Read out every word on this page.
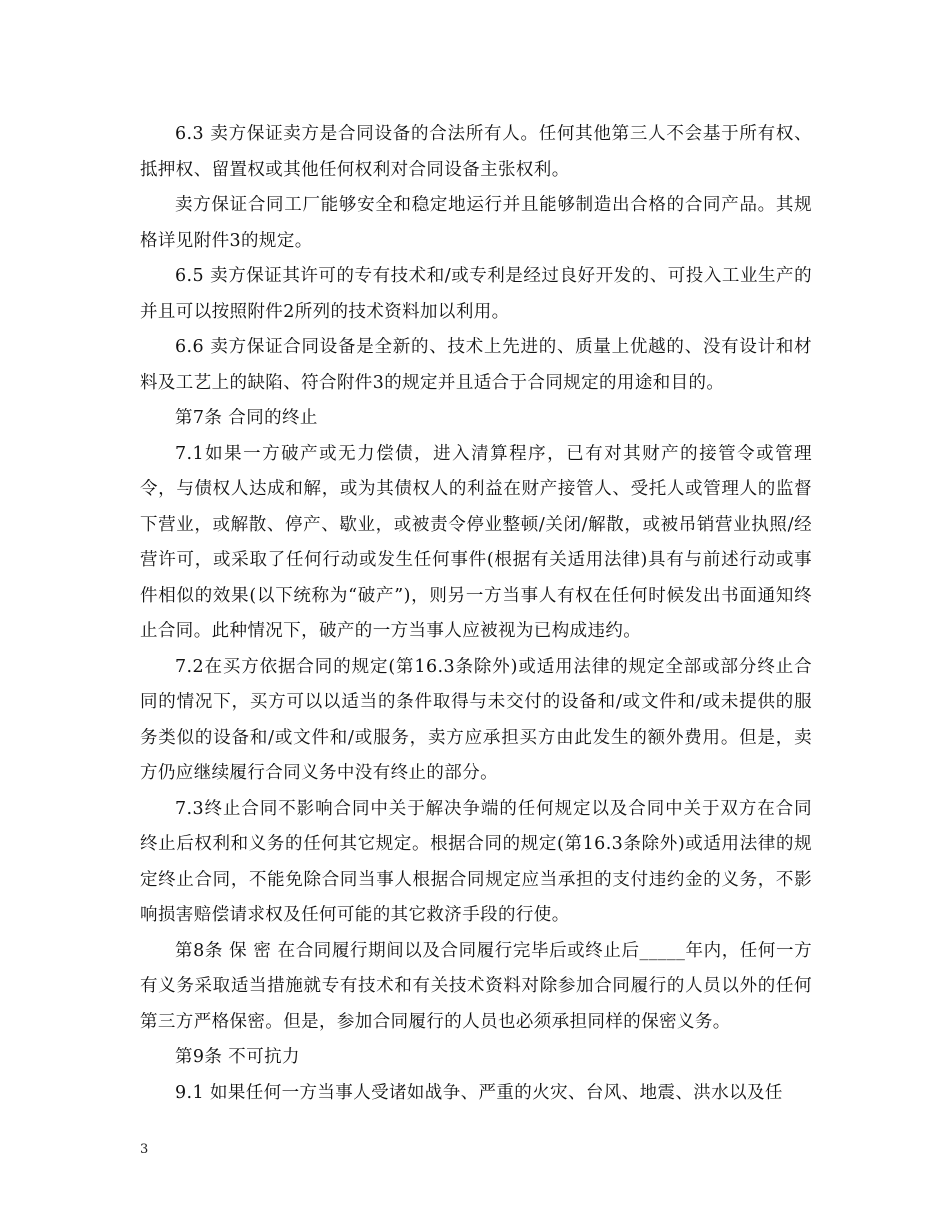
6.3 卖方保证卖方是合同设备的合法所有人。任何其他第三人不会基于所有权、抵押权、留置权或其他任何权利对合同设备主张权利。

卖方保证合同工厂能够安全和稳定地运行并且能够制造出合格的合同产品。其规格详见附件3的规定。

6.5 卖方保证其许可的专有技术和/或专利是经过良好开发的、可投入工业生产的并且可以按照附件2所列的技术资料加以利用。

6.6 卖方保证合同设备是全新的、技术上先进的、质量上优越的、没有设计和材料及工艺上的缺陷、符合附件3的规定并且适合于合同规定的用途和目的。

第7条 合同的终止

7.1如果一方破产或无力偿债，进入清算程序，已有对其财产的接管令或管理令，与债权人达成和解，或为其债权人的利益在财产接管人、受托人或管理人的监督下营业，或解散、停产、歇业，或被责令停业整顿/关闭/解散，或被吊销营业执照/经营许可，或采取了任何行动或发生任何事件(根据有关适用法律)具有与前述行动或事件相似的效果(以下统称为“破产”)，则另一方当事人有权在任何时候发出书面通知终止合同。此种情况下，破产的一方当事人应被视为已构成违约。

7.2在买方依据合同的规定(第16.3条除外)或适用法律的规定全部或部分终止合同的情况下，买方可以以适当的条件取得与未交付的设备和/或文件和/或未提供的服务类似的设备和/或文件和/或服务，卖方应承担买方由此发生的额外费用。但是，卖方仍应继续履行合同义务中没有终止的部分。

7.3终止合同不影响合同中关于解决争端的任何规定以及合同中关于双方在合同终止后权利和义务的任何其它规定。根据合同的规定(第16.3条除外)或适用法律的规定终止合同，不能免除合同当事人根据合同规定应当承担的支付违约金的义务，不影响损害赔偿请求权及任何可能的其它救济手段的行使。

第8条 保 密 在合同履行期间以及合同履行完毕后或终止后_____年内，任何一方有义务采取适当措施就专有技术和有关技术资料对除参加合同履行的人员以外的任何第三方严格保密。但是，参加合同履行的人员也必须承担同样的保密义务。

第9条 不可抗力

9.1 如果任何一方当事人受诸如战争、严重的火灾、台风、地震、洪水以及任

3
